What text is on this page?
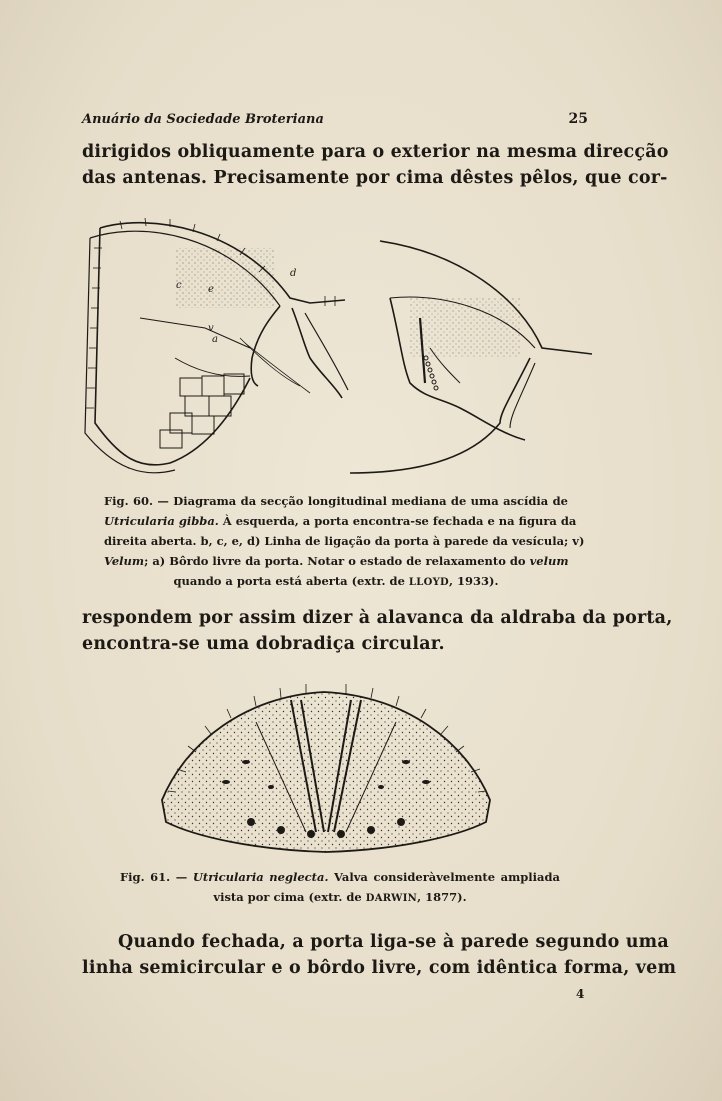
Anuário da Sociedade Broteriana	25
dirigidos obliquamente para o exterior na mesma direcção
das antenas. Precisamente por cima dêstes pêlos, que cor-
c
d
e
v
a
Fig. 60. — Diagrama da secção longitudinal mediana de uma ascídia de
Utricularia gibba. À esquerda, a porta encontra-se fechada e na figura da
direita aberta. b, c, e, d) Linha de ligação da porta à parede da vesícula; v)
Velum; a) Bôrdo livre da porta. Notar o estado de relaxamento do velum
quando a porta está aberta (extr. de LLOYD, 1933).
respondem por assim dizer à alavanca da aldraba da porta,
encontra-se uma dobradiça circular.
Fig. 61. — Utricularia neglecta. Valva consideràvelmente ampliada
vista por cima (extr. de DARWIN, 1877).
Quando fechada, a porta liga-se à parede segundo uma
linha semicircular e o bôrdo livre, com idêntica forma, vem
4
